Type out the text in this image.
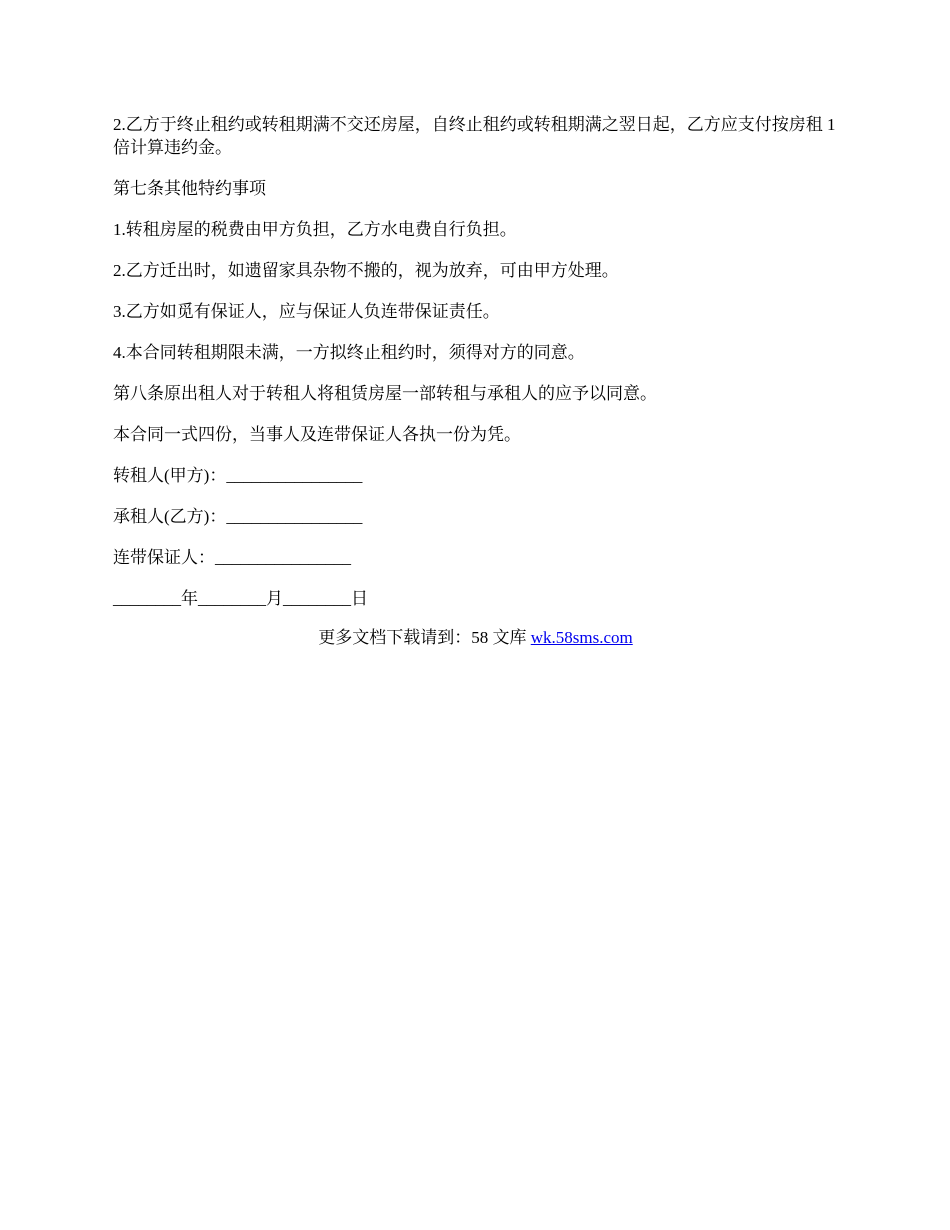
2.乙方于终止租约或转租期满不交还房屋，自终止租约或转租期满之翌日起，乙方应支付按房租 1 倍计算违约金。

第七条其他特约事项

1.转租房屋的税费由甲方负担，乙方水电费自行负担。

2.乙方迁出时，如遗留家具杂物不搬的，视为放弃，可由甲方处理。

3.乙方如觅有保证人，应与保证人负连带保证责任。

4.本合同转租期限未满，一方拟终止租约时，须得对方的同意。

第八条原出租人对于转租人将租赁房屋一部转租与承租人的应予以同意。

本合同一式四份，当事人及连带保证人各执一份为凭。

转租人(甲方)：________________

承租人(乙方)：________________

连带保证人：________________

________年________月________日

更多文档下载请到：58 文库 wk.58sms.com
